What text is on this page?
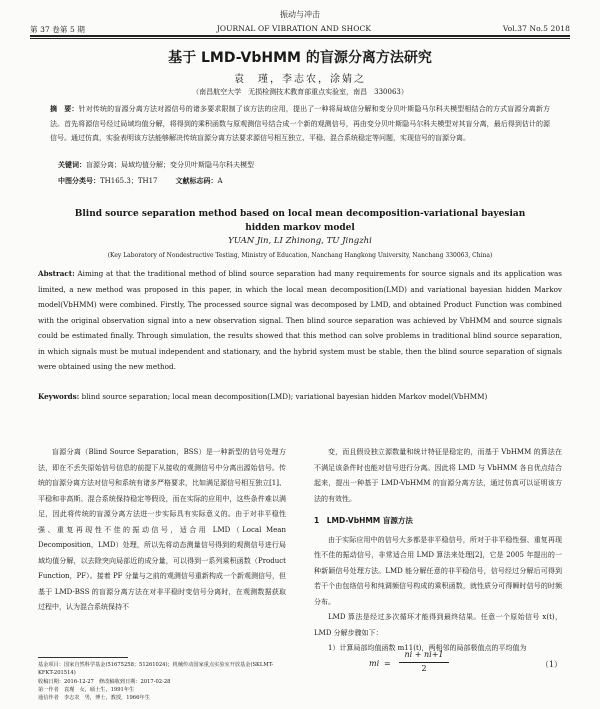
振动与冲击
第 37 卷第 5 期	JOURNAL OF VIBRATION AND SHOCK	Vol.37 No.5 2018
基于 LMD-VbHMM 的盲源分离方法研究
袁　瑾，李志农，涂婧之
（南昌航空大学　无损检测技术教育部重点实验室，南昌　330063）
摘　要：针对传统的盲源分离方法对源信号的诸多要求限制了该方法的应用，提出了一种将局域信分解和变分贝叶斯隐马尔科夫模型相结合的方式盲源分离新方法。首先将源信号经过局域均值分解，将得到的乘积函数与原观测信号结合成一个新的观测信号，再由变分贝叶斯隐马尔科夫模型对其盲分离，最后得到估计的源信号。通过仿真，实验表明该方法能够解决传统盲源分离方法要求源信号相互独立、平稳、混合系统稳定等问题，实现信号的盲源分离。
关键词：盲源分离；局域均值分解；变分贝叶斯隐马尔科夫模型
中图分类号：TH165.3；TH17	文献标志码：A
Blind source separation method based on local mean decomposition-variational bayesian hidden markov model
YUAN Jin, LI Zhinong, TU Jingzhi
(Key Laboratory of Nondestructive Testing, Ministry of Education, Nanchang Hangkong University, Nanchang 330063, China)
Abstract: Aiming at that the traditional method of blind source separation had many requirements for source signals and its application was limited, a new method was proposed in this paper, in which the local mean decomposition(LMD) and variational bayesian hidden Markov model(VbHMM) were combined. Firstly, The processed source signal was decomposed by LMD, and obtained Product Function was combined with the original observation signal into a new observation signal. Then blind source separation was achieved by VbHMM and source signals could be estimated finally. Through simulation, the results showed that this method can solve problems in traditional blind source separation, in which signals must be mutual independent and stationary, and the hybrid system must be stable, then the blind source separation of signals were obtained using the new method.
Keywords: blind source separation; local mean decomposition(LMD); variational bayesian hidden Markov model(VbHMM)

盲源分离（Blind Source Separation，BSS）是一种新型的信号处理方法，即在不丢失原始信号信息的前提下从接收的观测信号中分离出源始信号。传统的盲源分离方法对信号和系统有诸多严格要求，比如满足源信号相互独立[1]、平稳和非高斯、混合系统保持稳定等假设，而在实际的应用中，这些条件难以满足，因此将传统的盲源分离方法进一步实际具有实际意义的。由于对非平稳性强、重复再现性不佳的振动信号，适合用 LMD（Local Mean Decomposition，LMD）处理，所以先将动态测量信号得到的观测信号进行局域均值分解，以去除突向局部近的成分量，可以得到一系列乘积函数（Product Function，PF）。接着 PF 分量与之前的观测信号重新构成一个新观测信号，但基于 LMD-BSS 的盲源分离方法在对非平稳时变信号分离时，在观测数据获取过程中，认为混合系统保持不

变，而且假设独立源数量和统计特征是稳定的，而基于 VbHMM 的算法在不满足该条件时也能对信号进行分离。因此将 LMD 与 VbHMM 各自优点结合起来，提出一种基于 LMD-VbHMM 的盲源分离方法，通过仿真可以证明该方法的有效性。

1　LMD-VbHMM 盲源方法

由于实际应用中的信号大多都是非平稳信号，所对于非平稳性强、重复再现性不佳的振动信号，非常适合用 LMD 算法来处理[2]，它是 2005 年提出的一种新颖信号处理方法。LMD 能分解任意的非平稳信号，信号经过分解后可得到若干个由包络信号和纯调频信号构成的乘积函数，就性质分可得瞬时信号的时频分布。

LMD 算法是经过多次循环才能得到最终结果。任意一个原始信号 x(t)，LMD 分解步骤如下：

1）计算局部均值函数 m11(t)，两相邻的局部极值点的平均值为

mi =
ni + ni+1
2	（1）
基金项目：国家自然科学基金(51675258；51261024)；机械传动国家重点实验室开放基金(SKLMT-KFKT-201514)
收稿日期：2016-12-27　修改稿收到日期：2017-02-28
第一作者　袁瑾　女，硕士生，1991年生
通信作者　李志农　男，博士，教授，1966年生
